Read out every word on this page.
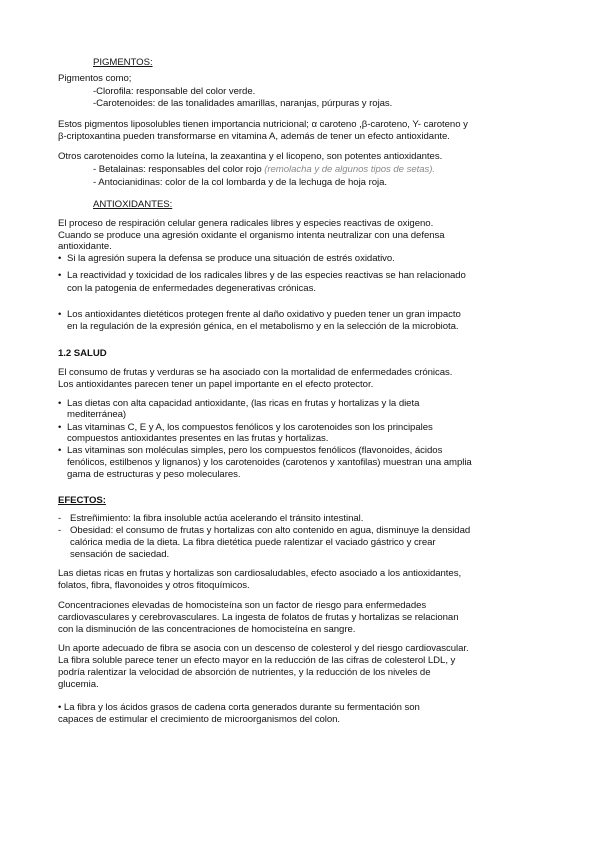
PIGMENTOS:
Pigmentos como;
-Clorofila: responsable del color verde.
-Carotenoides: de las tonalidades amarillas, naranjas, púrpuras y rojas.
Estos pigmentos liposolubles tienen importancia nutricional; α caroteno ,β-caroteno, Y- caroteno y
β-criptoxantina pueden transformarse en vitamina A, además de tener un efecto antioxidante.
Otros carotenoides como la luteína, la zeaxantina y el licopeno, son potentes antioxidantes.
- Betalainas: responsables del color rojo (remolacha y de algunos tipos de setas).
- Antocianidinas: color de la col lombarda y de la lechuga de hoja roja.
ANTIOXIDANTES:
El proceso de respiración celular genera radicales libres y especies reactivas de oxigeno.
Cuando se produce una agresión oxidante el organismo intenta neutralizar con una defensa
antioxidante.
• Si la agresión supera la defensa se produce una situación de estrés oxidativo.
• La reactividad y toxicidad de los radicales libres y de las especies reactivas se han relacionado
con la patogenia de enfermedades degenerativas crónicas.
• Los antioxidantes dietéticos protegen frente al daño oxidativo y pueden tener un gran impacto
en la regulación de la expresión génica, en el metabolismo y en la selección de la microbiota.
1.2 SALUD
El consumo de frutas y verduras se ha asociado con la mortalidad de enfermedades crónicas.
Los antioxidantes parecen tener un papel importante en el efecto protector.
• Las dietas con alta capacidad antioxidante, (las ricas en frutas y hortalizas y la dieta
mediterránea)
• Las vitaminas C, E y A, los compuestos fenólicos y los carotenoides son los principales
compuestos antioxidantes presentes en las frutas y hortalizas.
• Las vitaminas son moléculas simples, pero los compuestos fenólicos (flavonoides, ácidos
fenólicos, estilbenos y lignanos) y los carotenoides (carotenos y xantofilas) muestran una amplia
gama de estructuras y peso moleculares.
EFECTOS:
- Estreñimiento: la fibra insoluble actúa acelerando el tránsito intestinal.
- Obesidad: el consumo de frutas y hortalizas con alto contenido en agua, disminuye la densidad
calórica media de la dieta. La fibra dietética puede ralentizar el vaciado gástrico y crear
sensación de saciedad.
Las dietas ricas en frutas y hortalizas son cardiosaludables, efecto asociado a los antioxidantes,
folatos, fibra, flavonoides y otros fitoquímicos.
Concentraciones elevadas de homocisteína son un factor de riesgo para enfermedades
cardiovasculares y cerebrovasculares. La ingesta de folatos de frutas y hortalizas se relacionan
con la disminución de las concentraciones de homocisteína en sangre.
Un aporte adecuado de fibra se asocia con un descenso de colesterol y del riesgo cardiovascular.
La fibra soluble parece tener un efecto mayor en la reducción de las cifras de colesterol LDL, y
podría ralentizar la velocidad de absorción de nutrientes, y la reducción de los niveles de
glucemia.
• La fibra y los ácidos grasos de cadena corta generados durante su fermentación son
capaces de estimular el crecimiento de microorganismos del colon.
